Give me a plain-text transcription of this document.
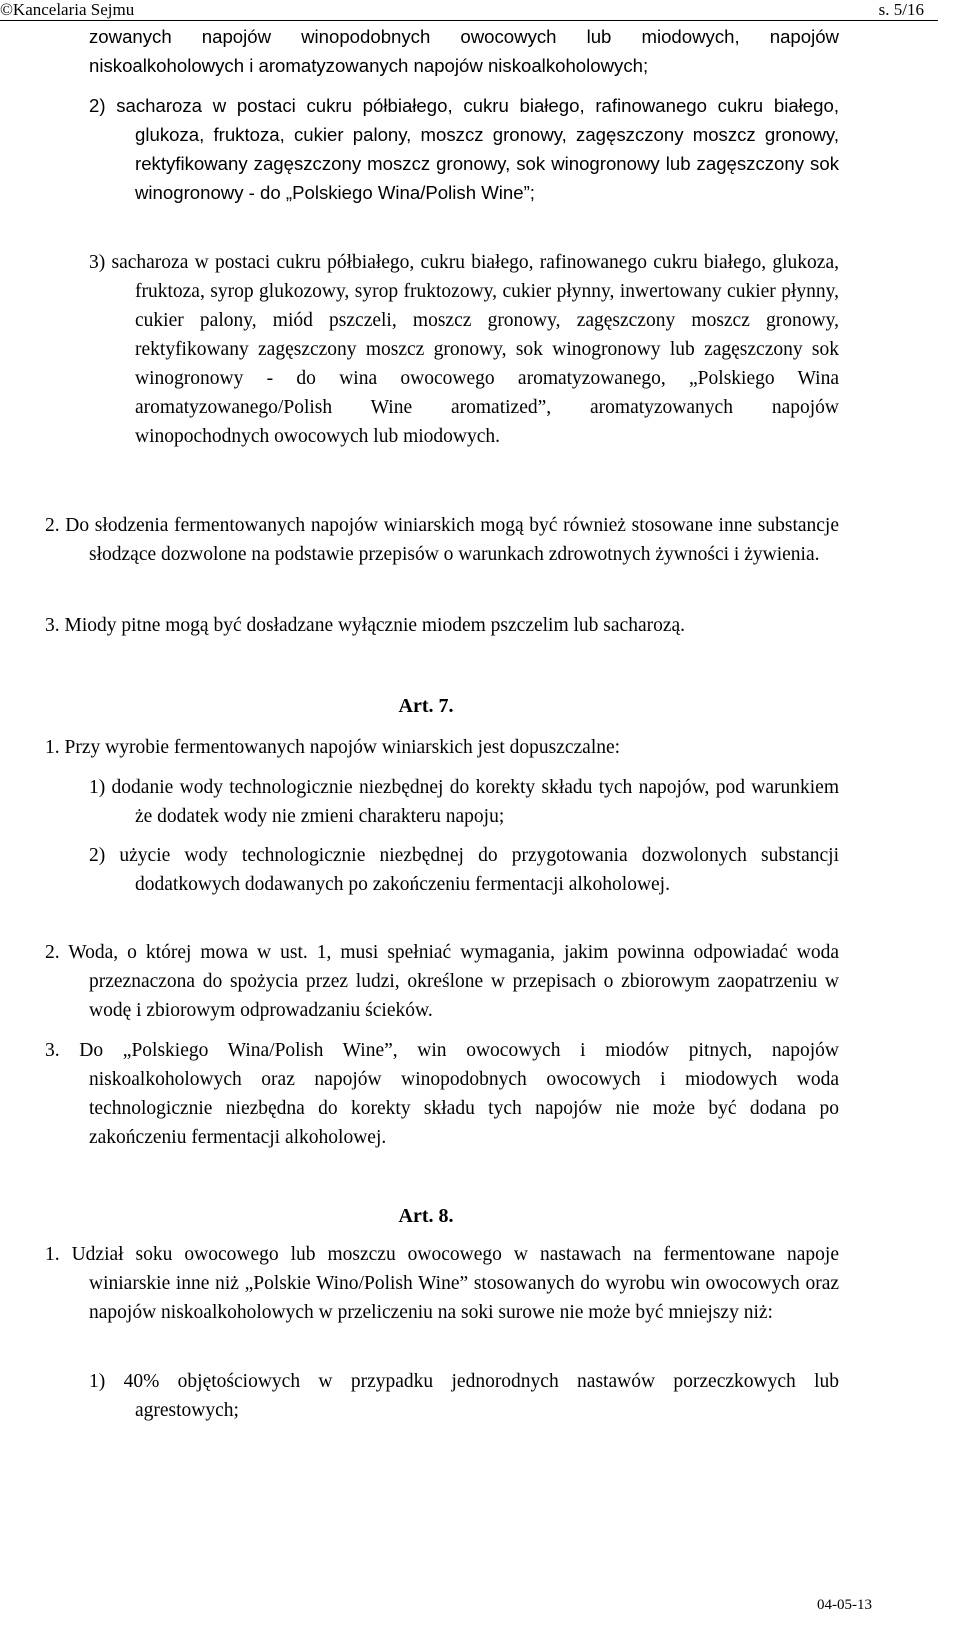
©Kancelaria Sejmu	s. 5/16

zowanych napojów winopodobnych owocowych lub miodowych, napojów niskoalkoholowych i aromatyzowanych napojów niskoalkoholowych;

2) sacharoza w postaci cukru półbiałego, cukru białego, rafinowanego cukru białego, glukoza, fruktoza, cukier palony, moszcz gronowy, zagęszczony moszcz gronowy, rektyfikowany zagęszczony moszcz gronowy, sok winogronowy lub zagęszczony sok winogronowy - do „Polskiego Wina/Polish Wine”;

3) sacharoza w postaci cukru półbiałego, cukru białego, rafinowanego cukru białego, glukoza, fruktoza, syrop glukozowy, syrop fruktozowy, cukier płynny, inwertowany cukier płynny, cukier palony, miód pszczeli, moszcz gronowy, zagęszczony moszcz gronowy, rektyfikowany zagęszczony moszcz gronowy, sok winogronowy lub zagęszczony sok winogronowy - do wina owocowego aromatyzowanego, „Polskiego Wina aromatyzowanego/Polish Wine aromatized”, aromatyzowanych napojów winopochodnych owocowych lub miodowych.

2. Do słodzenia fermentowanych napojów winiarskich mogą być również stosowane inne substancje słodzące dozwolone na podstawie przepisów o warunkach zdrowotnych żywności i żywienia.

3. Miody pitne mogą być dosładzane wyłącznie miodem pszczelim lub sacharozą.

Art. 7.

1. Przy wyrobie fermentowanych napojów winiarskich jest dopuszczalne:

1) dodanie wody technologicznie niezbędnej do korekty składu tych napojów, pod warunkiem że dodatek wody nie zmieni charakteru napoju;

2) użycie wody technologicznie niezbędnej do przygotowania dozwolonych substancji dodatkowych dodawanych po zakończeniu fermentacji alkoholowej.

2. Woda, o której mowa w ust. 1, musi spełniać wymagania, jakim powinna odpowiadać woda przeznaczona do spożycia przez ludzi, określone w przepisach o zbiorowym zaopatrzeniu w wodę i zbiorowym odprowadzaniu ścieków.

3. Do „Polskiego Wina/Polish Wine”, win owocowych i miodów pitnych, napojów niskoalkoholowych oraz napojów winopodobnych owocowych i miodowych woda technologicznie niezbędna do korekty składu tych napojów nie może być dodana po zakończeniu fermentacji alkoholowej.

Art. 8.

1. Udział soku owocowego lub moszczu owocowego w nastawach na fermentowane napoje winiarskie inne niż „Polskie Wino/Polish Wine” stosowanych do wyrobu win owocowych oraz napojów niskoalkoholowych w przeliczeniu na soki surowe nie może być mniejszy niż:

1) 40% objętościowych w przypadku jednorodnych nastawów porzeczkowych lub agrestowych;

04-05-13
